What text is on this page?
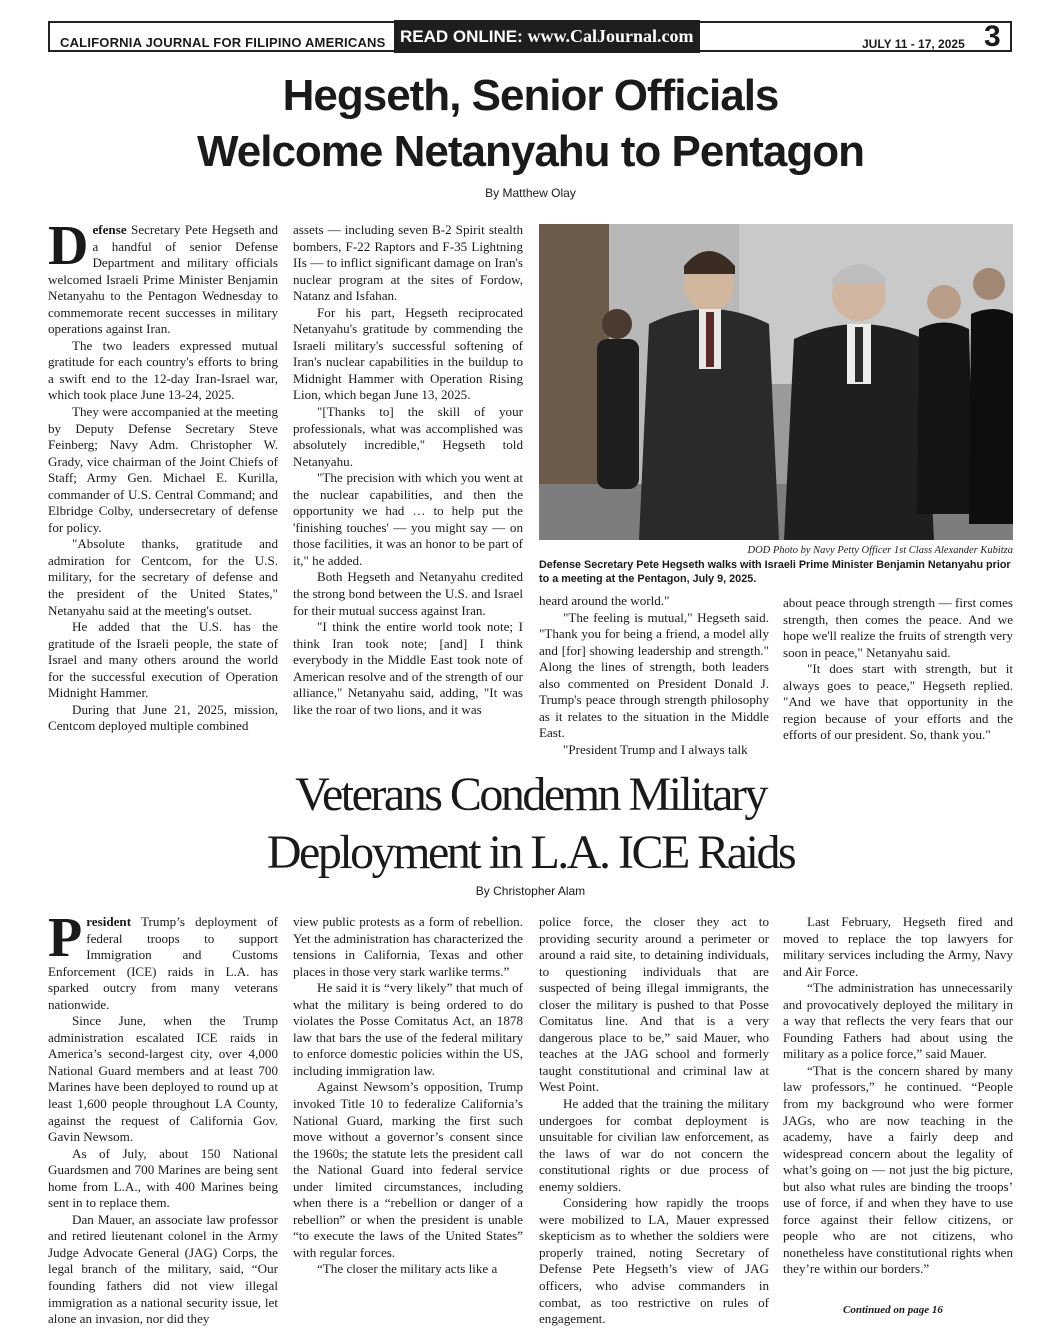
CALIFORNIA JOURNAL FOR FILIPINO AMERICANS READ ONLINE: www.CalJournal.com	JULY 11 - 17, 2025 3
Hegseth, Senior Officials
Welcome Netanyahu to Pentagon
By Matthew Olay

Defense Secretary Pete Hegseth and a handful of senior Defense Department and military officials welcomed Israeli Prime Minister Benjamin Netanyahu to the Pentagon Wednesday to commemorate recent successes in military operations against Iran.

The two leaders expressed mutual gratitude for each country's efforts to bring a swift end to the 12-day Iran-Israel war, which took place June 13-24, 2025.

They were accompanied at the meeting by Deputy Defense Secretary Steve Feinberg; Navy Adm. Christopher W. Grady, vice chairman of the Joint Chiefs of Staff; Army Gen. Michael E. Kurilla, commander of U.S. Central Command; and Elbridge Colby, undersecretary of defense for policy.

"Absolute thanks, gratitude and admiration for Centcom, for the U.S. military, for the secretary of defense and the president of the United States," Netanyahu said at the meeting's outset.

He added that the U.S. has the gratitude of the Israeli people, the state of Israel and many others around the world for the successful execution of Operation Midnight Hammer.

During that June 21, 2025, mission, Centcom deployed multiple combined

assets — including seven B-2 Spirit stealth bombers, F-22 Raptors and F-35 Lightning IIs — to inflict significant damage on Iran's nuclear program at the sites of Fordow, Natanz and Isfahan.

For his part, Hegseth reciprocated Netanyahu's gratitude by commending the Israeli military's successful softening of Iran's nuclear capabilities in the buildup to Midnight Hammer with Operation Rising Lion, which began June 13, 2025.

"[Thanks to] the skill of your professionals, what was accomplished was absolutely incredible," Hegseth told Netanyahu.

"The precision with which you went at the nuclear capabilities, and then the opportunity we had … to help put the 'finishing touches' — you might say — on those facilities, it was an honor to be part of it," he added.

Both Hegseth and Netanyahu credited the strong bond between the U.S. and Israel for their mutual success against Iran.

"I think the entire world took note; I think Iran took note; [and] I think everybody in the Middle East took note of American resolve and of the strength of our alliance," Netanyahu said, adding, "It was like the roar of two lions, and it was

DOD Photo by Navy Petty Officer 1st Class Alexander Kubitza
Defense Secretary Pete Hegseth walks with Israeli Prime Minister Benjamin Netanyahu prior to a meeting at the Pentagon, July 9, 2025.

heard around the world."

"The feeling is mutual," Hegseth said. "Thank you for being a friend, a model ally and [for] showing leadership and strength." Along the lines of strength, both leaders also commented on President Donald J. Trump's peace through strength philosophy as it relates to the situation in the Middle East.

"President Trump and I always talk

about peace through strength — first comes strength, then comes the peace. And we hope we'll realize the fruits of strength very soon in peace," Netanyahu said.

"It does start with strength, but it always goes to peace," Hegseth replied. "And we have that opportunity in the region because of your efforts and the efforts of our president. So, thank you."

Veterans Condemn Military
Deployment in L.A. ICE Raids
By Christopher Alam

President Trump’s deployment of federal troops to support Immigration and Customs Enforcement (ICE) raids in L.A. has sparked outcry from many veterans nationwide.

Since June, when the Trump administration escalated ICE raids in America’s second-largest city, over 4,000 National Guard members and at least 700 Marines have been deployed to round up at least 1,600 people throughout LA County, against the request of California Gov. Gavin Newsom.

As of July, about 150 National Guardsmen and 700 Marines are being sent home from L.A., with 400 Marines being sent in to replace them.

Dan Mauer, an associate law professor and retired lieutenant colonel in the Army Judge Advocate General (JAG) Corps, the legal branch of the military, said, “Our founding fathers did not view illegal immigration as a national security issue, let alone an invasion, nor did they

view public protests as a form of rebellion. Yet the administration has characterized the tensions in California, Texas and other places in those very stark warlike terms.”

He said it is “very likely” that much of what the military is being ordered to do violates the Posse Comitatus Act, an 1878 law that bars the use of the federal military to enforce domestic policies within the US, including immigration law.

Against Newsom’s opposition, Trump invoked Title 10 to federalize California’s National Guard, marking the first such move without a governor’s consent since the 1960s; the statute lets the president call the National Guard into federal service under limited circumstances, including when there is a “rebellion or danger of a rebellion” or when the president is unable “to execute the laws of the United States” with regular forces.

“The closer the military acts like a

police force, the closer they act to providing security around a perimeter or around a raid site, to detaining individuals, to questioning individuals that are suspected of being illegal immigrants, the closer the military is pushed to that Posse Comitatus line. And that is a very dangerous place to be,” said Mauer, who teaches at the JAG school and formerly taught constitutional and criminal law at West Point.

He added that the training the military undergoes for combat deployment is unsuitable for civilian law enforcement, as the laws of war do not concern the constitutional rights or due process of enemy soldiers.

Considering how rapidly the troops were mobilized to LA, Mauer expressed skepticism as to whether the soldiers were properly trained, noting Secretary of Defense Pete Hegseth’s view of JAG officers, who advise commanders in combat, as too restrictive on rules of engagement.

Last February, Hegseth fired and moved to replace the top lawyers for military services including the Army, Navy and Air Force.

“The administration has unnecessarily and provocatively deployed the military in a way that reflects the very fears that our Founding Fathers had about using the military as a police force,” said Mauer.

“That is the concern shared by many law professors,” he continued. “People from my background who were former JAGs, who are now teaching in the academy, have a fairly deep and widespread concern about the legality of what’s going on — not just the big picture, but also what rules are binding the troops’ use of force, if and when they have to use force against their fellow citizens, or people who are not citizens, who nonetheless have constitutional rights when they’re within our borders.”

Continued on page 16
